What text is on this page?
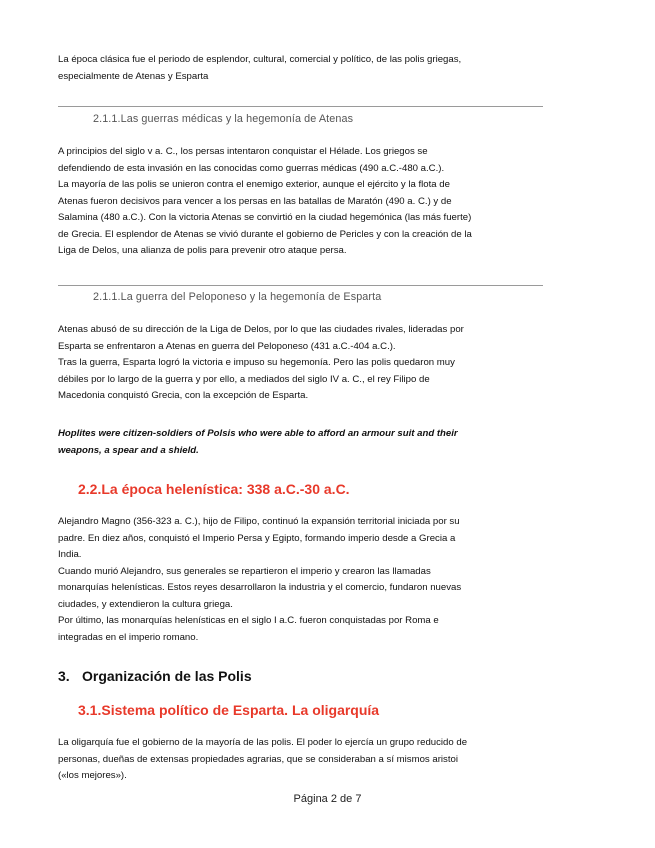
La época clásica fue el periodo de esplendor, cultural, comercial y político, de las polis griegas,
especialmente de Atenas y Esparta

2.1.1.Las guerras médicas y la hegemonía de Atenas

A principios del siglo v a. C., los persas intentaron conquistar el Hélade. Los griegos se
defendiendo de esta invasión en las conocidas como guerras médicas (490 a.C.-480 a.C.).
La mayoría de las polis se unieron contra el enemigo exterior, aunque el ejército y la flota de
Atenas fueron decisivos para vencer a los persas en las batallas de Maratón (490 a. C.) y de
Salamina (480 a.C.). Con la victoria Atenas se convirtió en la ciudad hegemónica (las más fuerte)
de Grecia. El esplendor de Atenas se vivió durante el gobierno de Pericles y con la creación de la
Liga de Delos, una alianza de polis para prevenir otro ataque persa.

2.1.1.La guerra del Peloponeso y la hegemonía de Esparta

Atenas abusó de su dirección de la Liga de Delos, por lo que las ciudades rivales, lideradas por
Esparta se enfrentaron a Atenas en guerra del Peloponeso (431 a.C.-404 a.C.).
Tras la guerra, Esparta logró la victoria e impuso su hegemonía. Pero las polis quedaron muy
débiles por lo largo de la guerra y por ello, a mediados del siglo IV a. C., el rey Filipo de
Macedonia conquistó Grecia, con la excepción de Esparta.

Hoplites were citizen-soldiers of Polsis who were able to afford an armour suit and their
weapons, a spear and a shield.

2.2.La época helenística: 338 a.C.-30 a.C.

Alejandro Magno (356-323 a. C.), hijo de Filipo, continuó la expansión territorial iniciada por su
padre. En diez años, conquistó el Imperio Persa y Egipto, formando imperio desde a Grecia a
India.
Cuando murió Alejandro, sus generales se repartieron el imperio y crearon las llamadas
monarquías helenísticas. Estos reyes desarrollaron la industria y el comercio, fundaron nuevas
ciudades, y extendieron la cultura griega.
Por último, las monarquías helenísticas en el siglo I a.C. fueron conquistadas por Roma e
integradas en el imperio romano.

3. Organización de las Polis
3.1.Sistema político de Esparta. La oligarquía

La oligarquía fue el gobierno de la mayoría de las polis. El poder lo ejercía un grupo reducido de
personas, dueñas de extensas propiedades agrarias, que se consideraban a sí mismos aristoi
(«los mejores»).

Página 2 de 7
